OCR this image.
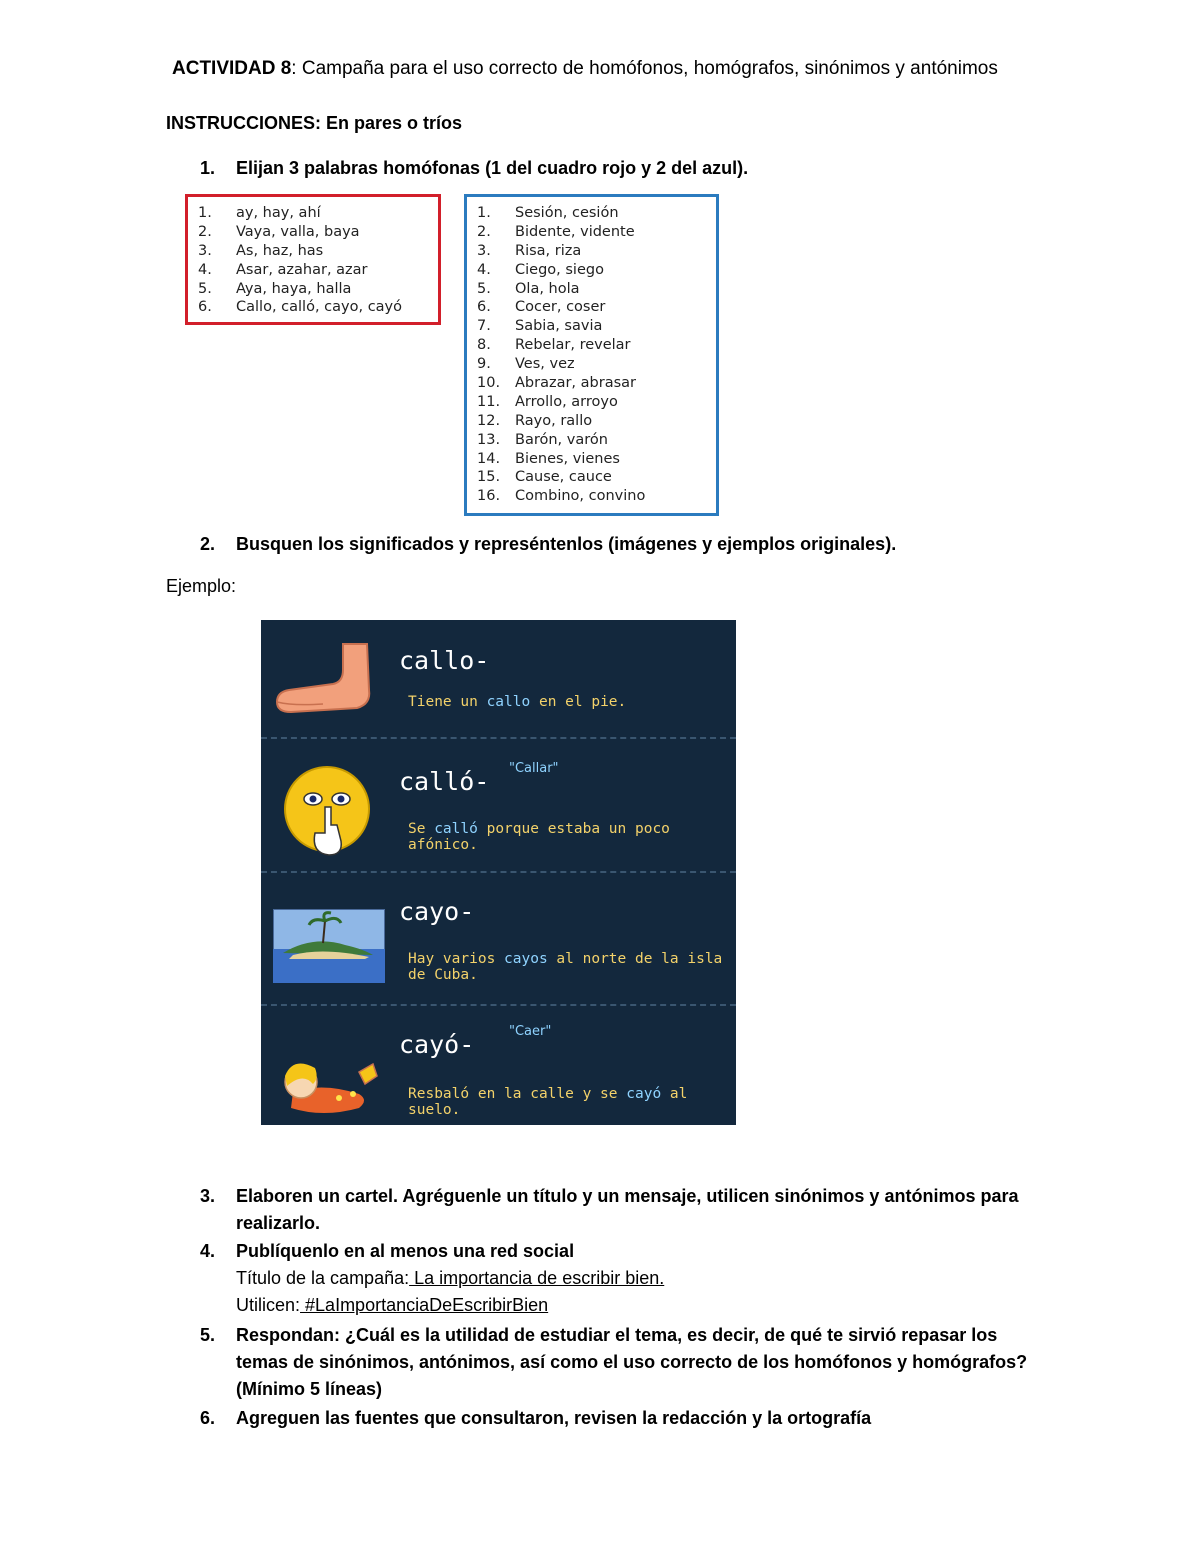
ACTIVIDAD 8: Campaña para el uso correcto de homófonos, homógrafos, sinónimos y antónimos
INSTRUCCIONES: En pares o tríos
1.	Elijan 3 palabras homófonas (1 del cuadro rojo y 2 del azul).
1. ay, hay, ahí
2. Vaya, valla, baya
3. As, haz, has
4. Asar, azahar, azar
5. Aya, haya, halla
6. Callo, calló, cayo, cayó
1. Sesión, cesión
2. Bidente, vidente
3. Risa, riza
4. Ciego, siego
5. Ola, hola
6. Cocer, coser
7. Sabia, savia
8. Rebelar, revelar
9. Ves, vez
10. Abrazar, abrasar
11. Arrollo, arroyo
12. Rayo, rallo
13. Barón, varón
14. Bienes, vienes
15. Cause, cauce
16. Combino, convino
2.	Busquen los significados y represéntenlos (imágenes y ejemplos originales).
Ejemplo:
callo-
Tiene un callo en el pie.
calló- "Callar"
Se calló porque estaba un poco afónico.
cayo-
Hay varios cayos al norte de la isla de Cuba.
cayó-	"Caer"
Resbaló en la calle y se cayó al suelo.
3.	Elaboren un cartel. Agréguenle un título y un mensaje, utilicen sinónimos y antónimos para realizarlo.
4.	Publíquenlo en al menos una red social
Título de la campaña: La importancia de escribir bien.
Utilicen: #LaImportanciaDeEscribirBien
5.	Respondan: ¿Cuál es la utilidad de estudiar el tema, es decir, de qué te sirvió repasar los temas de sinónimos, antónimos, así como el uso correcto de los homófonos y homógrafos? (Mínimo 5 líneas)
6.	Agreguen las fuentes que consultaron, revisen la redacción y la ortografía
